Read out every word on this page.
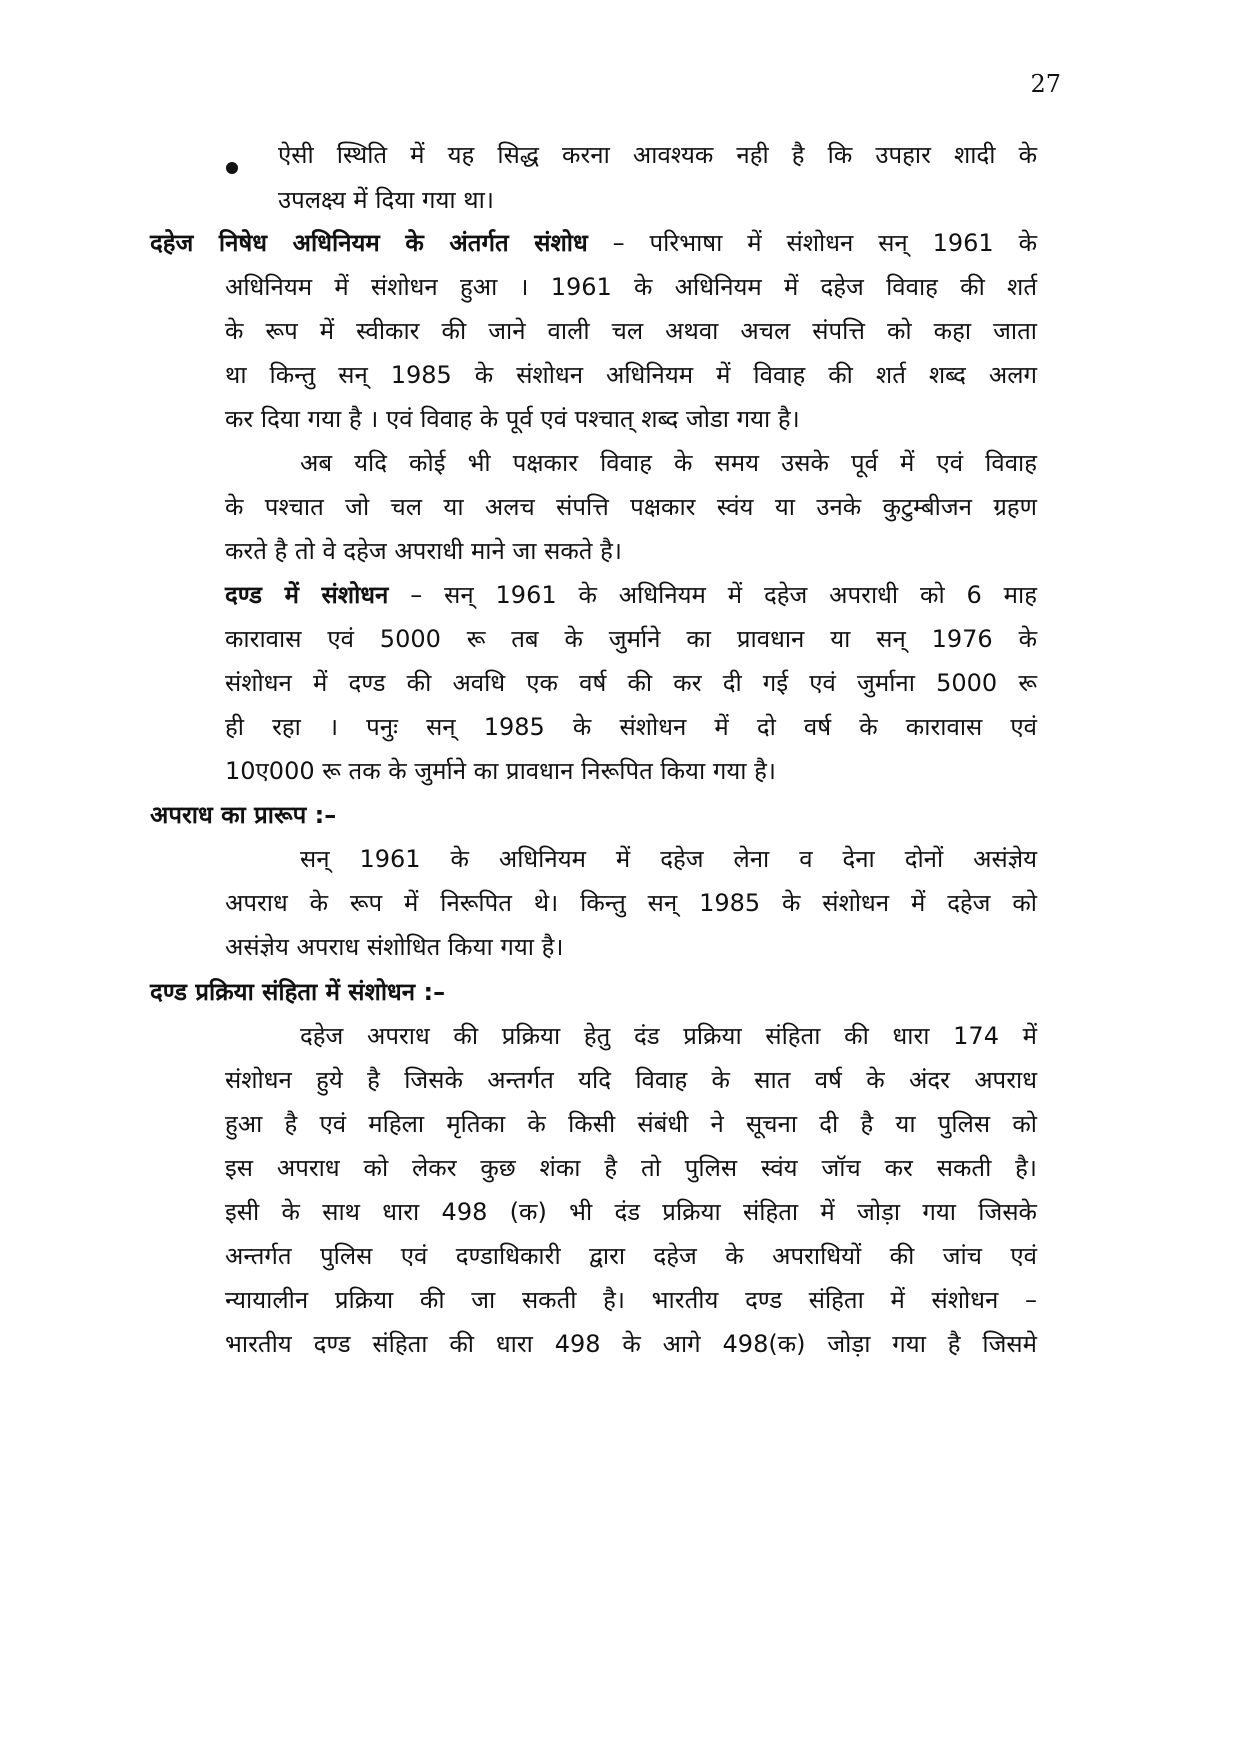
27
ऐसी स्थिति में यह सिद्ध करना आवश्यक नही है कि उपहार शादी के
उपलक्ष्य में दिया गया था।
दहेज निषेध अधिनियम के अंतर्गत संशोध – परिभाषा में संशोधन सन् 1961 के
अधिनियम में संशोधन हुआ । 1961 के अधिनियम में दहेज विवाह की शर्त
के रूप में स्वीकार की जाने वाली चल अथवा अचल संपत्ति को कहा जाता
था किन्तु सन् 1985 के संशोधन अधिनियम में विवाह की शर्त शब्द अलग
कर दिया गया है । एवं विवाह के पूर्व एवं पश्चात् शब्द जोडा गया है।
अब यदि कोई भी पक्षकार विवाह के समय उसके पूर्व में एवं विवाह
के पश्चात जो चल या अलच संपत्ति पक्षकार स्वंय या उनके कुटुम्बीजन ग्रहण
करते है तो वे दहेज अपराधी माने जा सकते है।
दण्ड में संशोधन – सन् 1961 के अधिनियम में दहेज अपराधी को 6 माह
कारावास एवं 5000 रू तब के जुर्माने का प्रावधान या सन् 1976 के
संशोधन में दण्ड की अवधि एक वर्ष की कर दी गई एवं जुर्माना 5000 रू
ही रहा । पनुः सन् 1985 के संशोधन में दो वर्ष के कारावास एवं
10ए000 रू तक के जुर्माने का प्रावधान निरूपित किया गया है।
अपराध का प्रारूप :–
सन् 1961 के अधिनियम में दहेज लेना व देना दोनों असंज्ञेय
अपराध के रूप में निरूपित थे। किन्तु सन् 1985 के संशोधन में दहेज को
असंज्ञेय अपराध संशोधित किया गया है।
दण्ड प्रक्रिया संहिता में संशोधन :–
दहेज अपराध की प्रक्रिया हेतु दंड प्रक्रिया संहिता की धारा 174 में
संशोधन हुये है जिसके अन्तर्गत यदि विवाह के सात वर्ष के अंदर अपराध
हुआ है एवं महिला मृतिका के किसी संबंधी ने सूचना दी है या पुलिस को
इस अपराध को लेकर कुछ शंका है तो पुलिस स्वंय जॉच कर सकती है।
इसी के साथ धारा 498 (क) भी दंड प्रक्रिया संहिता में जोड़ा गया जिसके
अन्तर्गत पुलिस एवं दण्डाधिकारी द्वारा दहेज के अपराधियों की जांच एवं
न्यायालीन प्रक्रिया की जा सकती है। भारतीय दण्ड संहिता में संशोधन –
भारतीय दण्ड संहिता की धारा 498 के आगे 498(क) जोड़ा गया है जिसमे
